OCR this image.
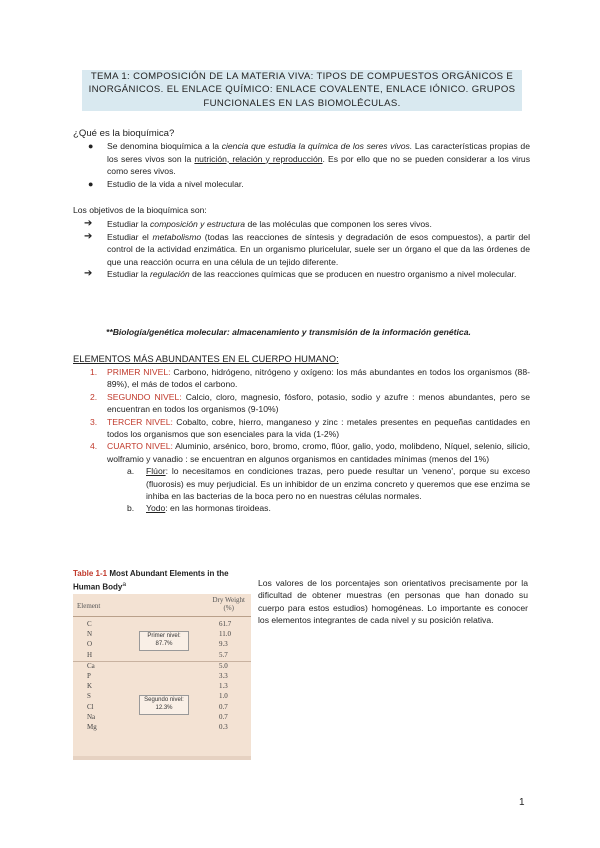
TEMA 1: COMPOSICIÓN DE LA MATERIA VIVA: TIPOS DE COMPUESTOS ORGÁNICOS E
INORGÁNICOS. EL ENLACE QUÍMICO: ENLACE COVALENTE, ENLACE IÓNICO. GRUPOS
FUNCIONALES EN LAS BIOMOLÉCULAS.
¿Qué es la bioquímica?
● Se denomina bioquímica a la ciencia que estudia la química de los seres vivos. Las características propias de los seres vivos son la nutrición, relación y reproducción. Es por ello que no se pueden considerar a los virus como seres vivos.
● Estudio de la vida a nivel molecular.
Los objetivos de la bioquímica son:
➔ Estudiar la composición y estructura de las moléculas que componen los seres vivos.
➔ Estudiar el metabolismo (todas las reacciones de síntesis y degradación de esos compuestos), a partir del control de la actividad enzimática. En un organismo pluricelular, suele ser un órgano el que da las órdenes de que una reacción ocurra en una célula de un tejido diferente.
➔ Estudiar la regulación de las reacciones químicas que se producen en nuestro organismo a nivel molecular.
**Biología/genética molecular: almacenamiento y transmisión de la información genética.
ELEMENTOS MÁS ABUNDANTES EN EL CUERPO HUMANO:
1. PRIMER NIVEL: Carbono, hidrógeno, nitrógeno y oxígeno: los más abundantes en todos los organismos (88-89%), el más de todos el carbono.
2. SEGUNDO NIVEL: Calcio, cloro, magnesio, fósforo, potasio, sodio y azufre : menos abundantes, pero se encuentran en todos los organismos (9-10%)
3. TERCER NIVEL: Cobalto, cobre, hierro, manganeso y zinc : metales presentes en pequeñas cantidades en todos los organismos que son esenciales para la vida (1-2%)
4. CUARTO NIVEL: Aluminio, arsénico, boro, bromo, cromo, flúor, galio, yodo, molibdeno, Níquel, selenio, silicio, wolframio y vanadio : se encuentran en algunos organismos en cantidades mínimas (menos del 1%)
a. Flúor: lo necesitamos en condiciones trazas, pero puede resultar un 'veneno', porque su exceso (fluorosis) es muy perjudicial. Es un inhibidor de un enzima concreto y queremos que ese enzima se inhiba en las bacterias de la boca pero no en nuestras células normales.
b. Yodo: en las hormonas tiroideas.
Table 1-1 Most Abundant Elements in the
Human Body$^a$
Element
Dry Weight
(%)
C	61.7
N	11.0
O	9.3
H	5.7
Ca	5.0
P	3.3
K	1.3
S	1.0
Cl	0.7
Na	0.7
Mg	0.3
Primer nivel:
87.7%
Segundo nivel:
12.3%
Los valores de los porcentajes son orientativos precisamente por la dificultad de obtener muestras (en personas que han donado su cuerpo para estos estudios) homogéneas. Lo importante es conocer los elementos integrantes de cada nivel y su posición relativa.
1
